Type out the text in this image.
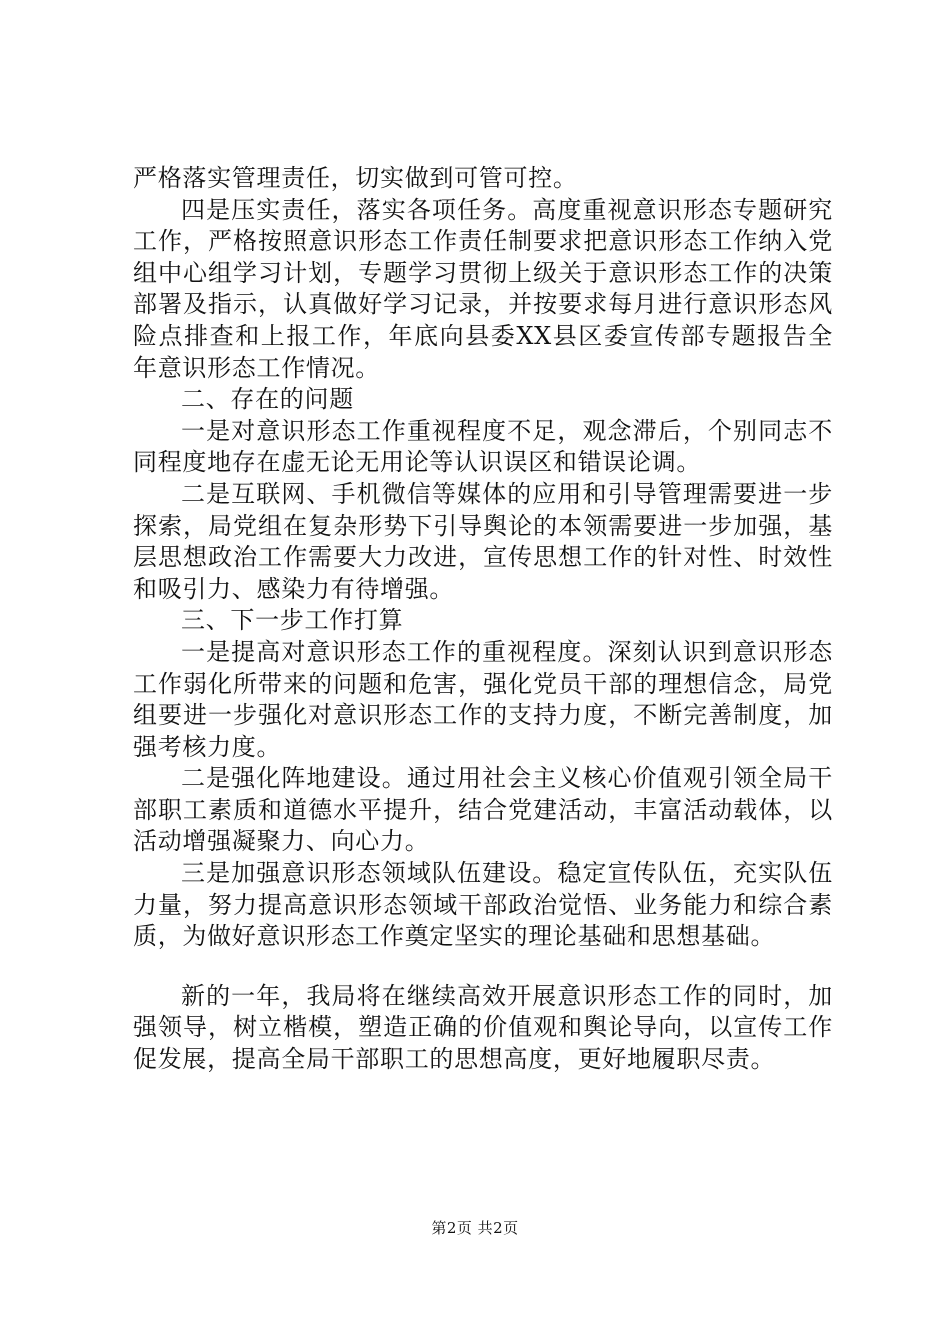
严格落实管理责任，切实做到可管可控。

四是压实责任，落实各项任务。高度重视意识形态专题研究工作，严格按照意识形态工作责任制要求把意识形态工作纳入党组中心组学习计划，专题学习贯彻上级关于意识形态工作的决策部署及指示，认真做好学习记录，并按要求每月进行意识形态风险点排查和上报工作，年底向县委XX县区委宣传部专题报告全年意识形态工作情况。

二、存在的问题

一是对意识形态工作重视程度不足，观念滞后，个别同志不同程度地存在虚无论无用论等认识误区和错误论调。

二是互联网、手机微信等媒体的应用和引导管理需要进一步探索，局党组在复杂形势下引导舆论的本领需要进一步加强，基层思想政治工作需要大力改进，宣传思想工作的针对性、时效性和吸引力、感染力有待增强。

三、下一步工作打算

一是提高对意识形态工作的重视程度。深刻认识到意识形态工作弱化所带来的问题和危害，强化党员干部的理想信念，局党组要进一步强化对意识形态工作的支持力度，不断完善制度，加强考核力度。

二是强化阵地建设。通过用社会主义核心价值观引领全局干部职工素质和道德水平提升，结合党建活动，丰富活动载体，以活动增强凝聚力、向心力。

三是加强意识形态领域队伍建设。稳定宣传队伍，充实队伍力量，努力提高意识形态领域干部政治觉悟、业务能力和综合素质，为做好意识形态工作奠定坚实的理论基础和思想基础。

新的一年，我局将在继续高效开展意识形态工作的同时，加强领导，树立楷模，塑造正确的价值观和舆论导向，以宣传工作促发展，提高全局干部职工的思想高度，更好地履职尽责。

第2页 共2页
